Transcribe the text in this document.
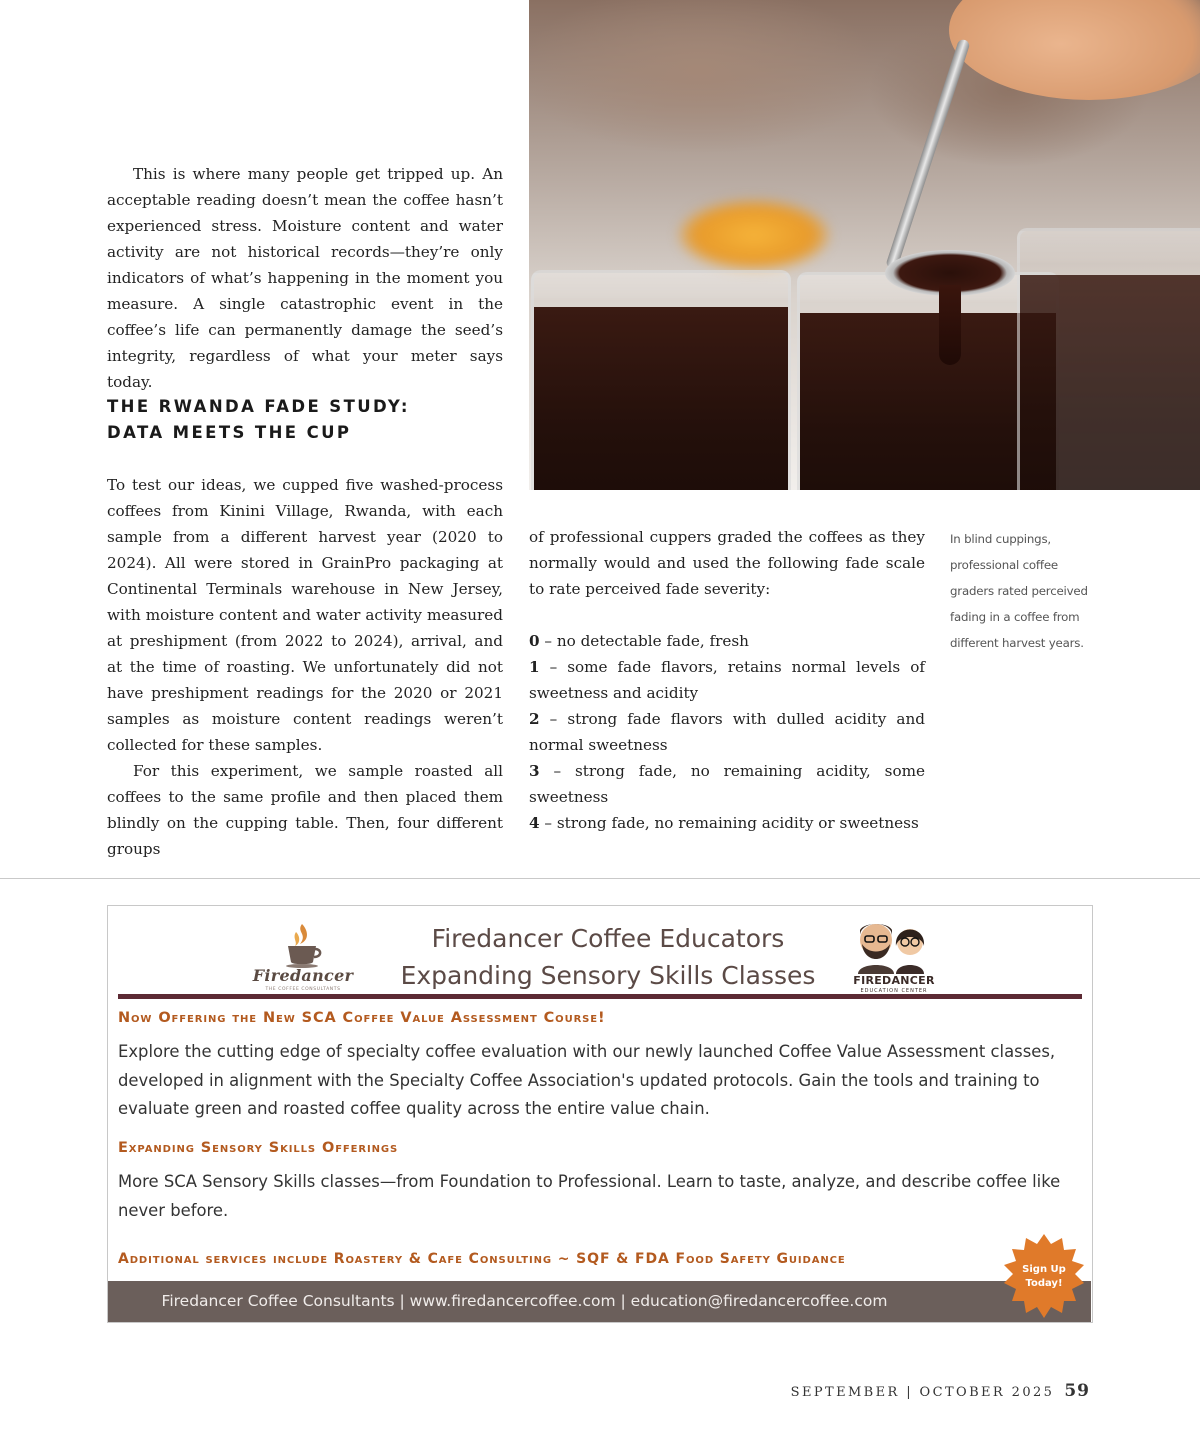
This is where many people get tripped up. An acceptable reading doesn’t mean the coffee hasn’t experienced stress. Moisture content and water activity are not historical records—they’re only indicators of what’s happening in the moment you measure. A single catastrophic event in the coffee’s life can permanently damage the seed’s integrity, regardless of what your meter says today.

THE RWANDA FADE STUDY:
DATA MEETS THE CUP

To test our ideas, we cupped five washed-process coffees from Kinini Village, Rwanda, with each sample from a different harvest year (2020 to 2024). All were stored in GrainPro packaging at Continental Terminals warehouse in New Jersey, with moisture content and water activity measured at preshipment (from 2022 to 2024), arrival, and at the time of roasting. We unfortunately did not have preshipment readings for the 2020 or 2021 samples as moisture content readings weren’t collected for these samples.

For this experiment, we sample roasted all coffees to the same profile and then placed them blindly on the cupping table. Then, four different groups

of professional cuppers graded the coffees as they normally would and used the following fade scale to rate perceived fade severity:

0 – no detectable fade, fresh
1 – some fade flavors, retains normal levels of sweetness and acidity
2 – strong fade flavors with dulled acidity and normal sweetness
3 – strong fade, no remaining acidity, some sweetness
4 – strong fade, no remaining acidity or sweetness

In blind cuppings, professional coffee graders rated perceived fading in a coffee from different harvest years.

Firedancer
THE COFFEE CONSULTANTS
Firedancer Coffee Educators
Expanding Sensory Skills Classes	FIREDANCER
EDUCATION CENTER
Now Offering the New SCA Coffee Value Assessment Course!

Explore the cutting edge of specialty coffee evaluation with our newly launched Coffee Value Assessment classes, developed in alignment with the Specialty Coffee Association's updated protocols. Gain the tools and training to evaluate green and roasted coffee quality across the entire value chain.

Expanding Sensory Skills Offerings

More SCA Sensory Skills classes—from Foundation to Professional. Learn to taste, analyze, and describe coffee like never before.

Additional services include Roastery & Cafe Consulting ~ SQF & FDA Food Safety Guidance
Firedancer Coffee Consultants | www.firedancercoffee.com | education@firedancercoffee.com
Sign Up
Today!
SEPTEMBER | OCTOBER 2025 59
